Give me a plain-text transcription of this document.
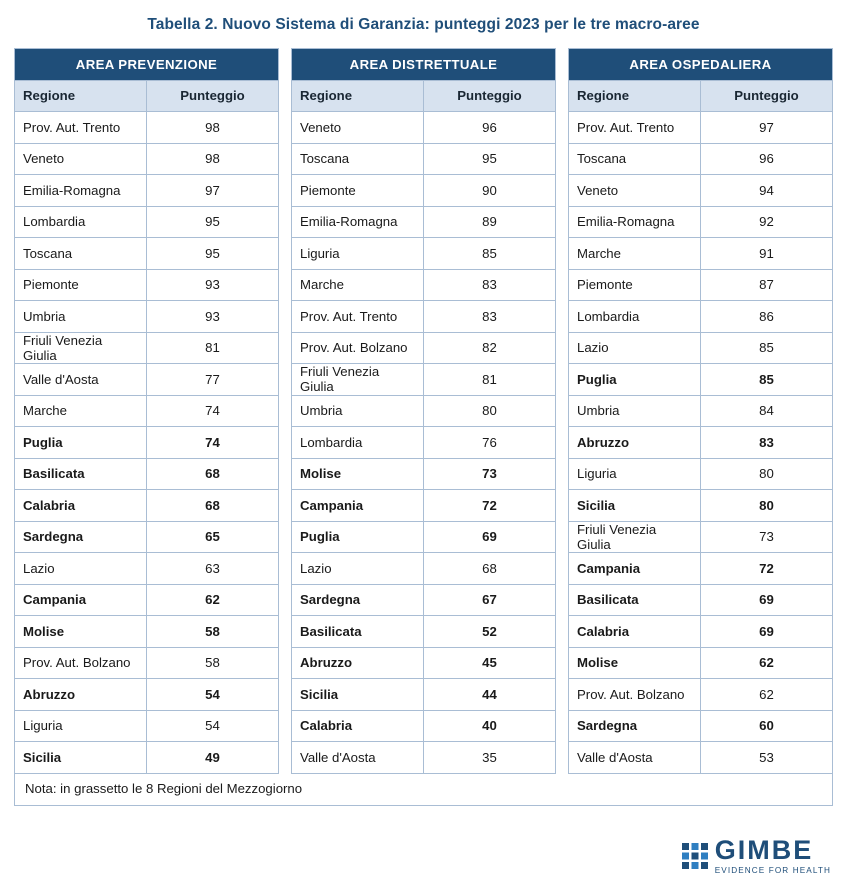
Tabella 2. Nuovo Sistema di Garanzia: punteggi 2023 per le tre macro-aree
AREA PREVENZIONE	
Regione	Punteggio
Prov. Aut. Trento	98
Veneto	98
Emilia-Romagna	97
Lombardia	95
Toscana	95
Piemonte	93
Umbria	93
Friuli Venezia Giulia	81
Valle d'Aosta	77
Marche	74
Puglia	74
Basilicata	68
Calabria	68
Sardegna	65
Lazio	63
Campania	62
Molise	58
Prov. Aut. Bolzano	58
Abruzzo	54
Liguria	54
Sicilia	49
AREA DISTRETTUALE	
Regione	Punteggio
Veneto	96
Toscana	95
Piemonte	90
Emilia-Romagna	89
Liguria	85
Marche	83
Prov. Aut. Trento	83
Prov. Aut. Bolzano	82
Friuli Venezia Giulia	81
Umbria	80
Lombardia	76
Molise	73
Campania	72
Puglia	69
Lazio	68
Sardegna	67
Basilicata	52
Abruzzo	45
Sicilia	44
Calabria	40
Valle d'Aosta	35
AREA OSPEDALIERA	
Regione	Punteggio
Prov. Aut. Trento	97
Toscana	96
Veneto	94
Emilia-Romagna	92
Marche	91
Piemonte	87
Lombardia	86
Lazio	85
Puglia	85
Umbria	84
Abruzzo	83
Liguria	80
Sicilia	80
Friuli Venezia Giulia	73
Campania	72
Basilicata	69
Calabria	69
Molise	62
Prov. Aut. Bolzano	62
Sardegna	60
Valle d'Aosta	53
Nota: in grassetto le 8 Regioni del Mezzogiorno
GIMBE
EVIDENCE FOR HEALTH
